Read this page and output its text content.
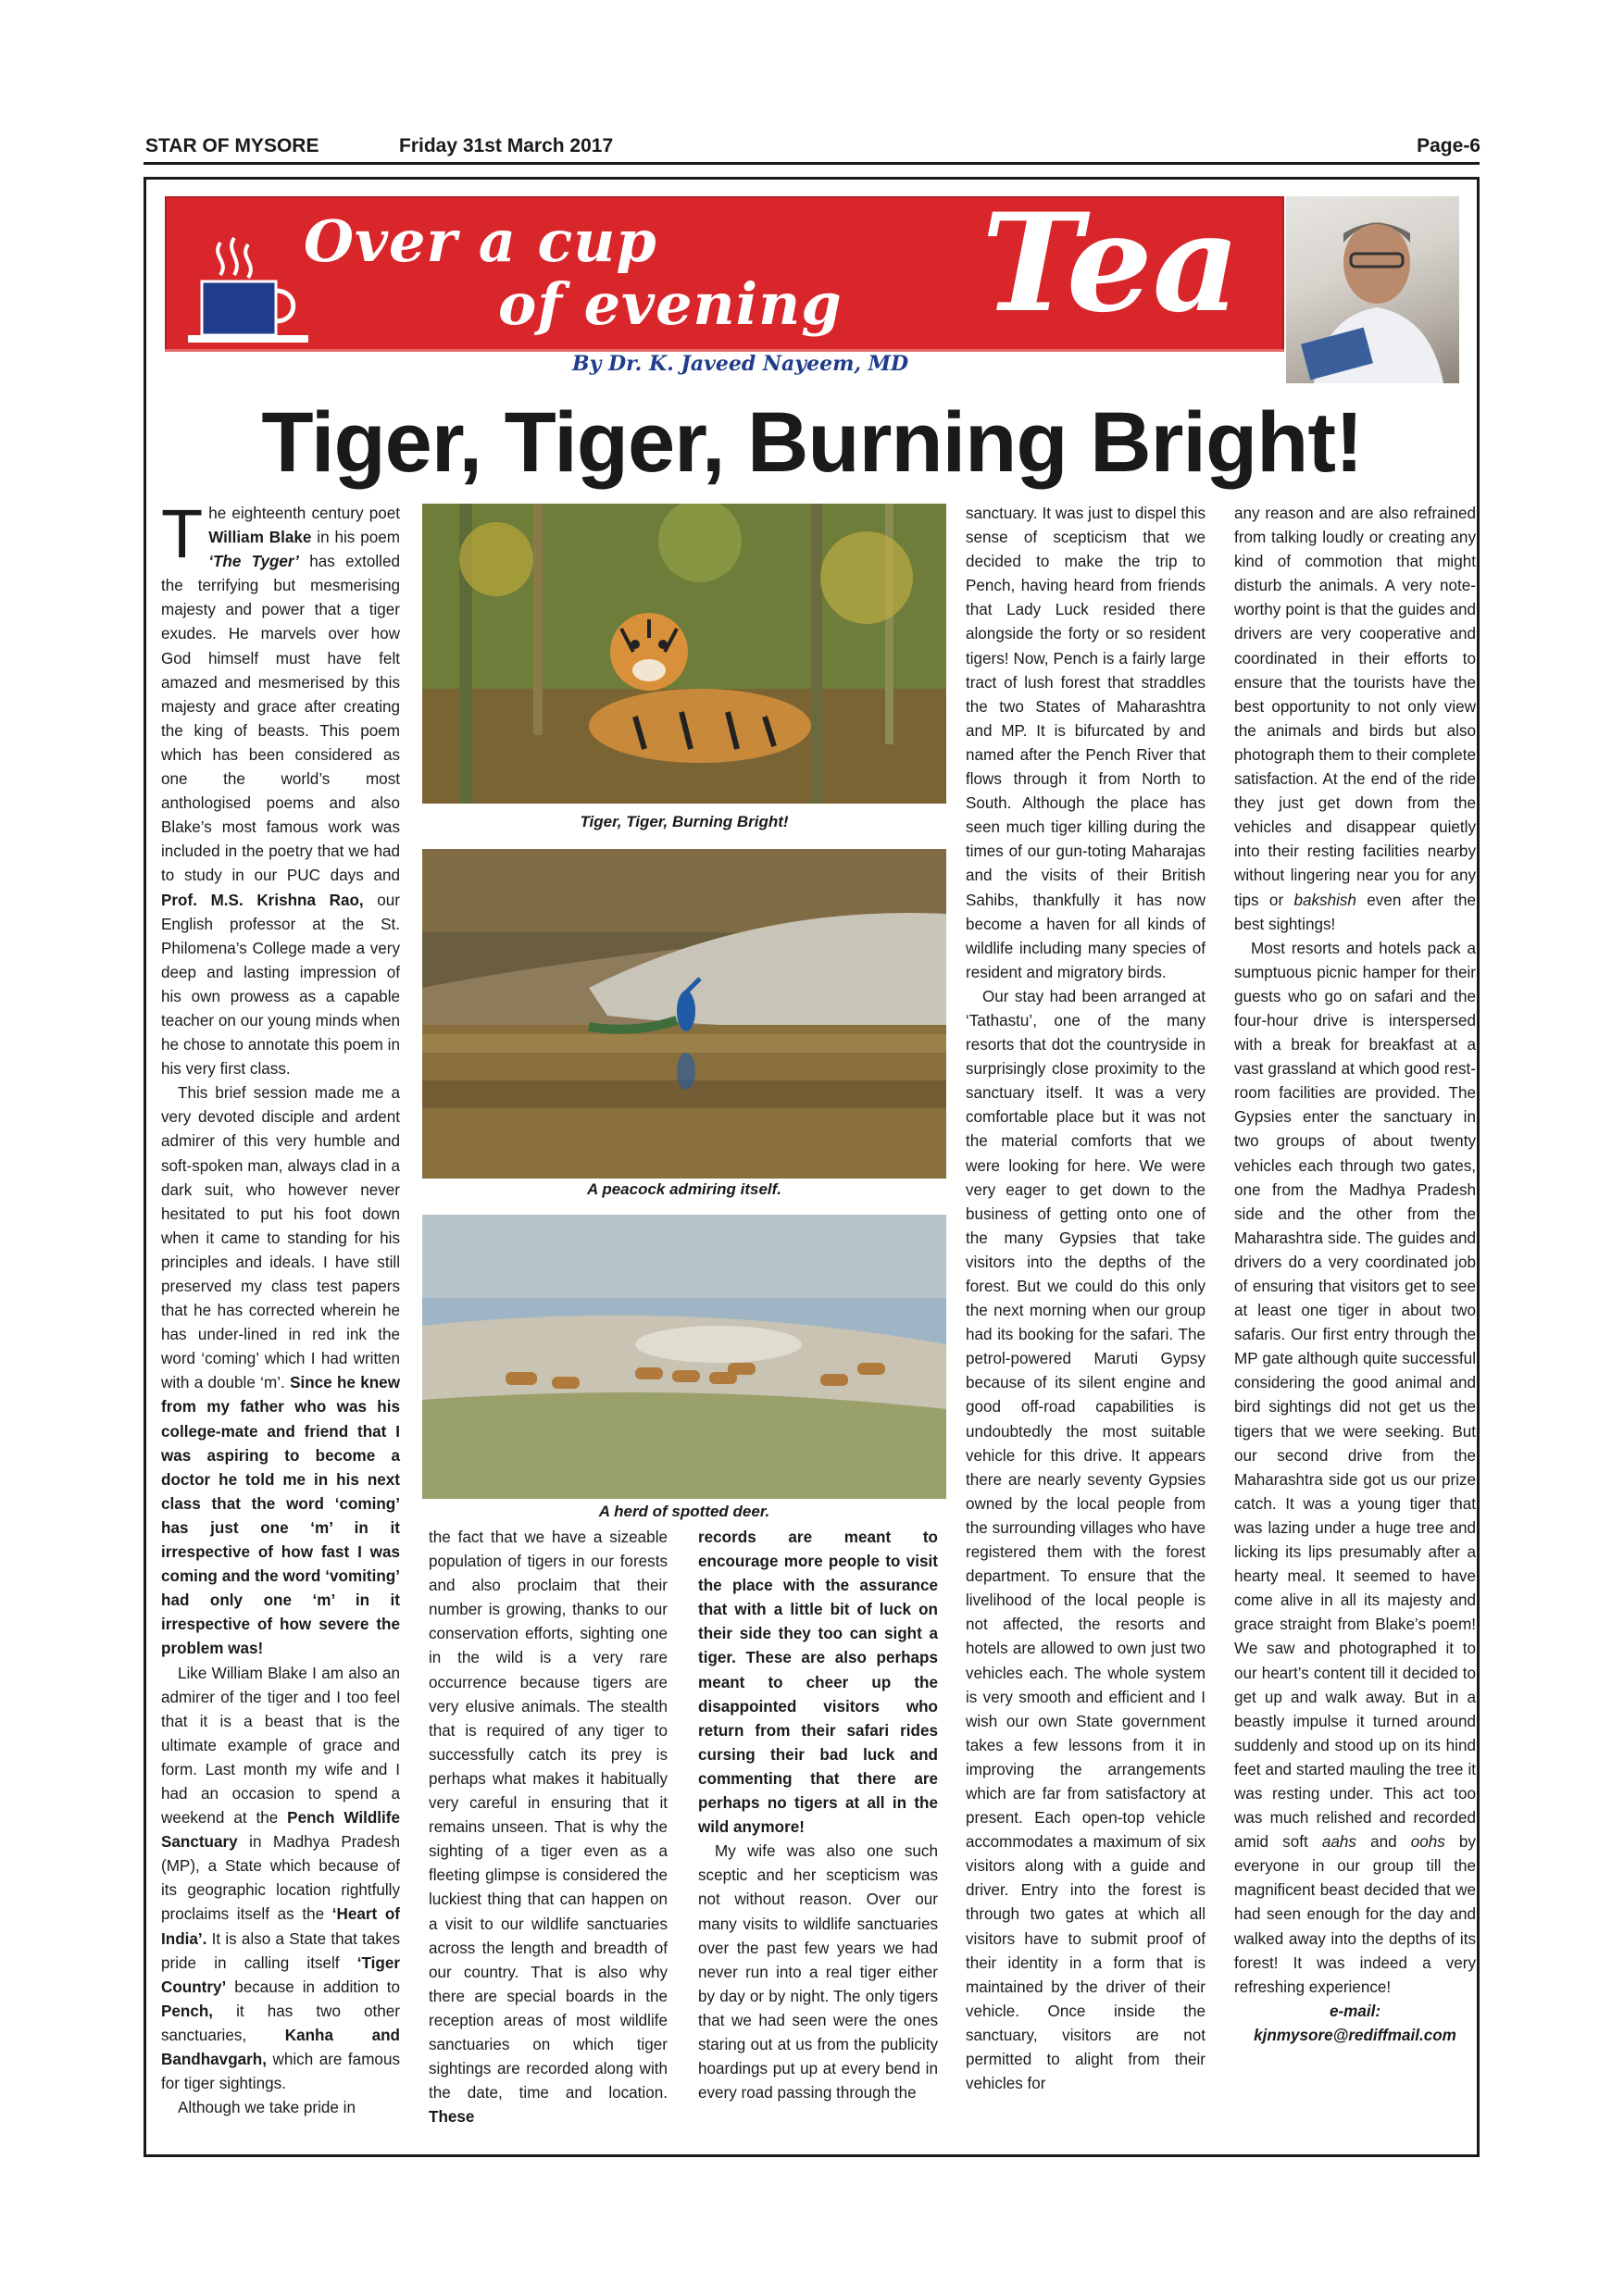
STAR OF MYSORE	Friday 31st March 2017	Page-6
Over a cup
of evening Tea
By Dr. K. Javeed Nayeem, MD
Tiger, Tiger, Burning Bright!

The eighteenth century poet William Blake in his poem ‘The Tyger’ has extolled the terrifying but mesmerising majesty and power that a tiger exudes. He marvels over how God himself must have felt amazed and mesmerised by this majesty and grace after creating the king of beasts. This poem which has been considered as one the world’s most anthologised poems and also Blake’s most famous work was included in the poetry that we had to study in our PUC days and Prof. M.S. Krishna Rao, our English professor at the St. Philomena’s College made a very deep and lasting impression of his own prowess as a capable teacher on our young minds when he chose to annotate this poem in his very first class.

This brief session made me a very devoted disciple and ardent admirer of this very humble and soft-spoken man, always clad in a dark suit, who however never hesitated to put his foot down when it came to standing for his principles and ideals. I have still preserved my class test papers that he has corrected wherein he has under-lined in red ink the word ‘coming’ which I had written with a double ‘m’. Since he knew from my father who was his college-mate and friend that I was aspiring to become a doctor he told me in his next class that the word ‘coming’ has just one ‘m’ in it irrespective of how fast I was coming and the word ‘vomiting’ had only one ‘m’ in it irrespective of how severe the problem was!

Like William Blake I am also an admirer of the tiger and I too feel that it is a beast that is the ultimate example of grace and form. Last month my wife and I had an occasion to spend a weekend at the Pench Wildlife Sanctuary in Madhya Pradesh (MP), a State which because of its geographic location rightfully proclaims itself as the ‘Heart of India’. It is also a State that takes pride in calling itself ‘Tiger Country’ because in addition to Pench, it has two other sanctuaries, Kanha and Bandhavgarh, which are famous for tiger sightings.

Although we take pride in

Tiger, Tiger, Burning Bright!
A peacock admiring itself.
A herd of spotted deer.

the fact that we have a sizeable population of tigers in our forests and also proclaim that their number is growing, thanks to our conservation efforts, sighting one in the wild is a very rare occurrence because tigers are very elusive animals. The stealth that is required of any tiger to successfully catch its prey is perhaps what makes it habitually very careful in ensuring that it remains unseen. That is why the sighting of a tiger even as a fleeting glimpse is considered the luckiest thing that can happen on a visit to our wildlife sanctuaries across the length and breadth of our country. That is also why there are special boards in the reception areas of most wildlife sanctuaries on which tiger sightings are recorded along with the date, time and location. These

records are meant to encourage more people to visit the place with the assurance that with a little bit of luck on their side they too can sight a tiger. These are also perhaps meant to cheer up the disappointed visitors who return from their safari rides cursing their bad luck and commenting that there are perhaps no tigers at all in the wild anymore!

My wife was also one such sceptic and her scepticism was not without reason. Over our many visits to wildlife sanctuaries over the past few years we had never run into a real tiger either by day or by night. The only tigers that we had seen were the ones staring out at us from the publicity hoardings put up at every bend in every road passing through the

sanctuary. It was just to dispel this sense of scepticism that we decided to make the trip to Pench, having heard from friends that Lady Luck resided there alongside the forty or so resident tigers! Now, Pench is a fairly large tract of lush forest that straddles the two States of Maharashtra and MP. It is bifurcated by and named after the Pench River that flows through it from North to South. Although the place has seen much tiger killing during the times of our gun-toting Maharajas and the visits of their British Sahibs, thankfully it has now become a haven for all kinds of wildlife including many species of resident and migratory birds.

Our stay had been arranged at ‘Tathastu’, one of the many resorts that dot the countryside in surprisingly close proximity to the sanctuary itself. It was a very comfortable place but it was not the material comforts that we were looking for here. We were very eager to get down to the business of getting onto one of the many Gypsies that take visitors into the depths of the forest. But we could do this only the next morning when our group had its booking for the safari. The petrol-powered Maruti Gypsy because of its silent engine and good off-road capabilities is undoubtedly the most suitable vehicle for this drive. It appears there are nearly seventy Gypsies owned by the local people from the surrounding villages who have registered them with the forest department. To ensure that the livelihood of the local people is not affected, the resorts and hotels are allowed to own just two vehicles each. The whole system is very smooth and efficient and I wish our own State government takes a few lessons from it in improving the arrangements which are far from satisfactory at present. Each open-top vehicle accommodates a maximum of six visitors along with a guide and driver. Entry into the forest is through two gates at which all visitors have to submit proof of their identity in a form that is maintained by the driver of their vehicle. Once inside the sanctuary, visitors are not permitted to alight from their vehicles for

any reason and are also refrained from talking loudly or creating any kind of commotion that might disturb the animals. A very note-worthy point is that the guides and drivers are very cooperative and coordinated in their efforts to ensure that the tourists have the best opportunity to not only view the animals and birds but also photograph them to their complete satisfaction. At the end of the ride they just get down from the vehicles and disappear quietly into their resting facilities nearby without lingering near you for any tips or bakshish even after the best sightings!

Most resorts and hotels pack a sumptuous picnic hamper for their guests who go on safari and the four-hour drive is interspersed with a break for breakfast at a vast grassland at which good rest-room facilities are provided. The Gypsies enter the sanctuary in two groups of about twenty vehicles each through two gates, one from the Madhya Pradesh side and the other from the Maharashtra side. The guides and drivers do a very coordinated job of ensuring that visitors get to see at least one tiger in about two safaris. Our first entry through the MP gate although quite successful considering the good animal and bird sightings did not get us the tigers that we were seeking. But our second drive from the Maharashtra side got us our prize catch. It was a young tiger that was lazing under a huge tree and licking its lips presumably after a hearty meal. It seemed to have come alive in all its majesty and grace straight from Blake’s poem! We saw and photographed it to our heart’s content till it decided to get up and walk away. But in a beastly impulse it turned around suddenly and stood up on its hind feet and started mauling the tree it was resting under. This act too was much relished and recorded amid soft aahs and oohs by everyone in our group till the magnificent beast decided that we had seen enough for the day and walked away into the depths of its forest! It was indeed a very refreshing experience!

e-mail:

kjnmysore@rediffmail.com
